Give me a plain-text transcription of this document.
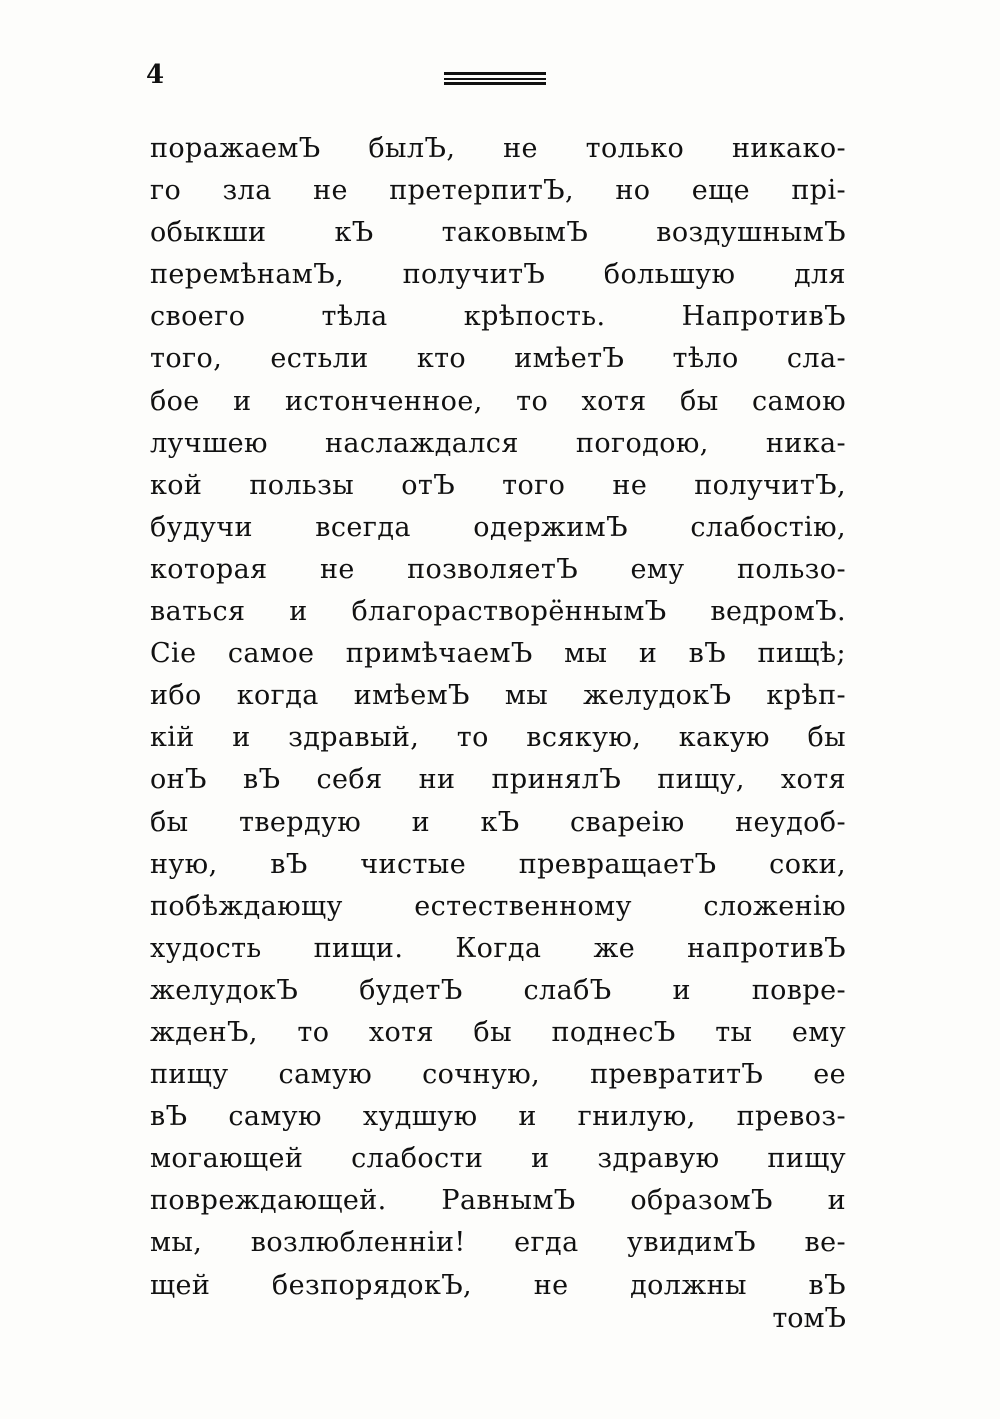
4
поражаемЪ былЪ, не только никако-
го зла не претерпитЪ, но еще прі-
обыкши кЪ таковымЪ воздушнымЪ
перемѣнамЪ, получитЪ большую для
своего тѣла крѣпость. НапротивЪ
того, естьли кто имѣетЪ тѣло сла-
бое и истонченное, то хотя бы самою
лучшею наслаждался погодою, ника-
кой пользы отЪ того не получитЪ,
будучи всегда одержимЪ слабостію,
которая не позволяетЪ ему пользо-
ваться и благорастворённымЪ ведромЪ.
Сіе самое примѣчаемЪ мы и вЪ пищѣ;
ибо когда имѣемЪ мы желудокЪ крѣп-
кій и здравый, то всякую, какую бы
онЪ вЪ себя ни принялЪ пищу, хотя
бы твердую и кЪ свареію неудоб-
ную, вЪ чистые превращаетЪ соки,
побѣждающу естественному сложенію
худость пищи. Когда же напротивЪ
желудокЪ будетЪ слабЪ и повре-
жденЪ, то хотя бы поднесЪ ты ему
пищу самую сочную, превратитЪ ее
вЪ самую худшую и гнилую, превоз-
могающей слабости и здравую пищу
повреждающей. РавнымЪ образомЪ и
мы, возлюбленніи! егда увидимЪ ве-
щей безпорядокЪ, не должны вЪ
томЪ
